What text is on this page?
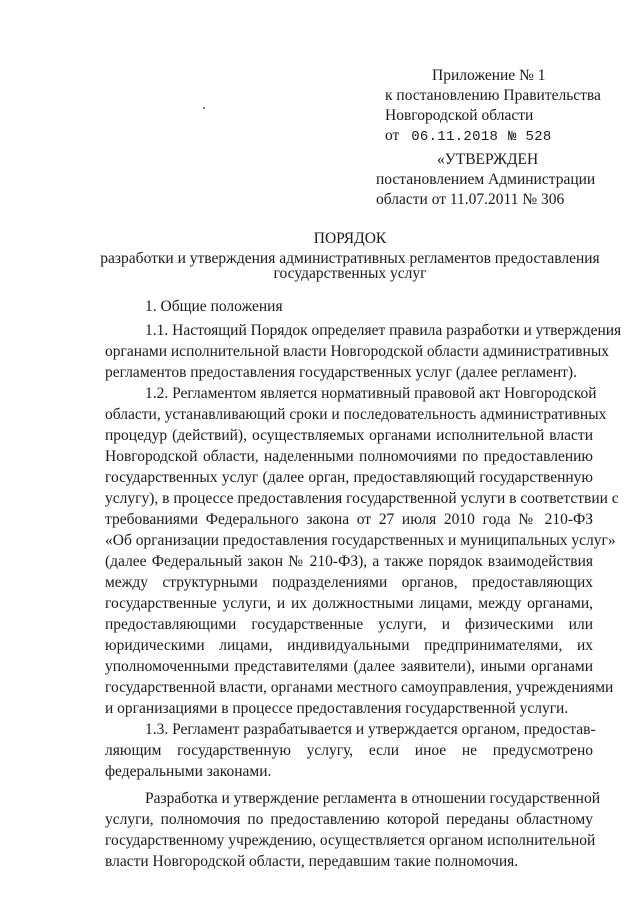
Приложение № 1
к постановлению Правительства
Новгородской области
от 06.11.2018 № 528
«УТВЕРЖДЕН
постановлением Администрации
области от 11.07.2011 № 306
ПОРЯДОК
разработки и утверждения административных регламентов предоставления
государственных услуг
1. Общие положения
1.1. Настоящий Порядок определяет правила разработки и утверждения
органами исполнительной власти Новгородской области административных
регламентов предоставления государственных услуг (далее регламент).
1.2. Регламентом является нормативный правовой акт Новгородской
области, устанавливающий сроки и последовательность административных
процедур (действий), осуществляемых органами исполнительной власти
Новгородской области, наделенными полномочиями по предоставлению
государственных услуг (далее орган, предоставляющий государственную
услугу), в процессе предоставления государственной услуги в соответствии с
требованиями Федерального закона от 27 июля 2010 года № 210-ФЗ
«Об организации предоставления государственных и муниципальных услуг»
(далее Федеральный закон № 210-ФЗ), а также порядок взаимодействия
между структурными подразделениями органов, предоставляющих
государственные услуги, и их должностными лицами, между органами,
предоставляющими государственные услуги, и физическими или
юридическими лицами, индивидуальными предпринимателями, их
уполномоченными представителями (далее заявители), иными органами
государственной власти, органами местного самоуправления, учреждениями
и организациями в процессе предоставления государственной услуги.
1.3. Регламент разрабатывается и утверждается органом, предостав-
ляющим государственную услугу, если иное не предусмотрено
федеральными законами.
Разработка и утверждение регламента в отношении государственной
услуги, полномочия по предоставлению которой переданы областному
государственному учреждению, осуществляется органом исполнительной
власти Новгородской области, передавшим такие полномочия.
